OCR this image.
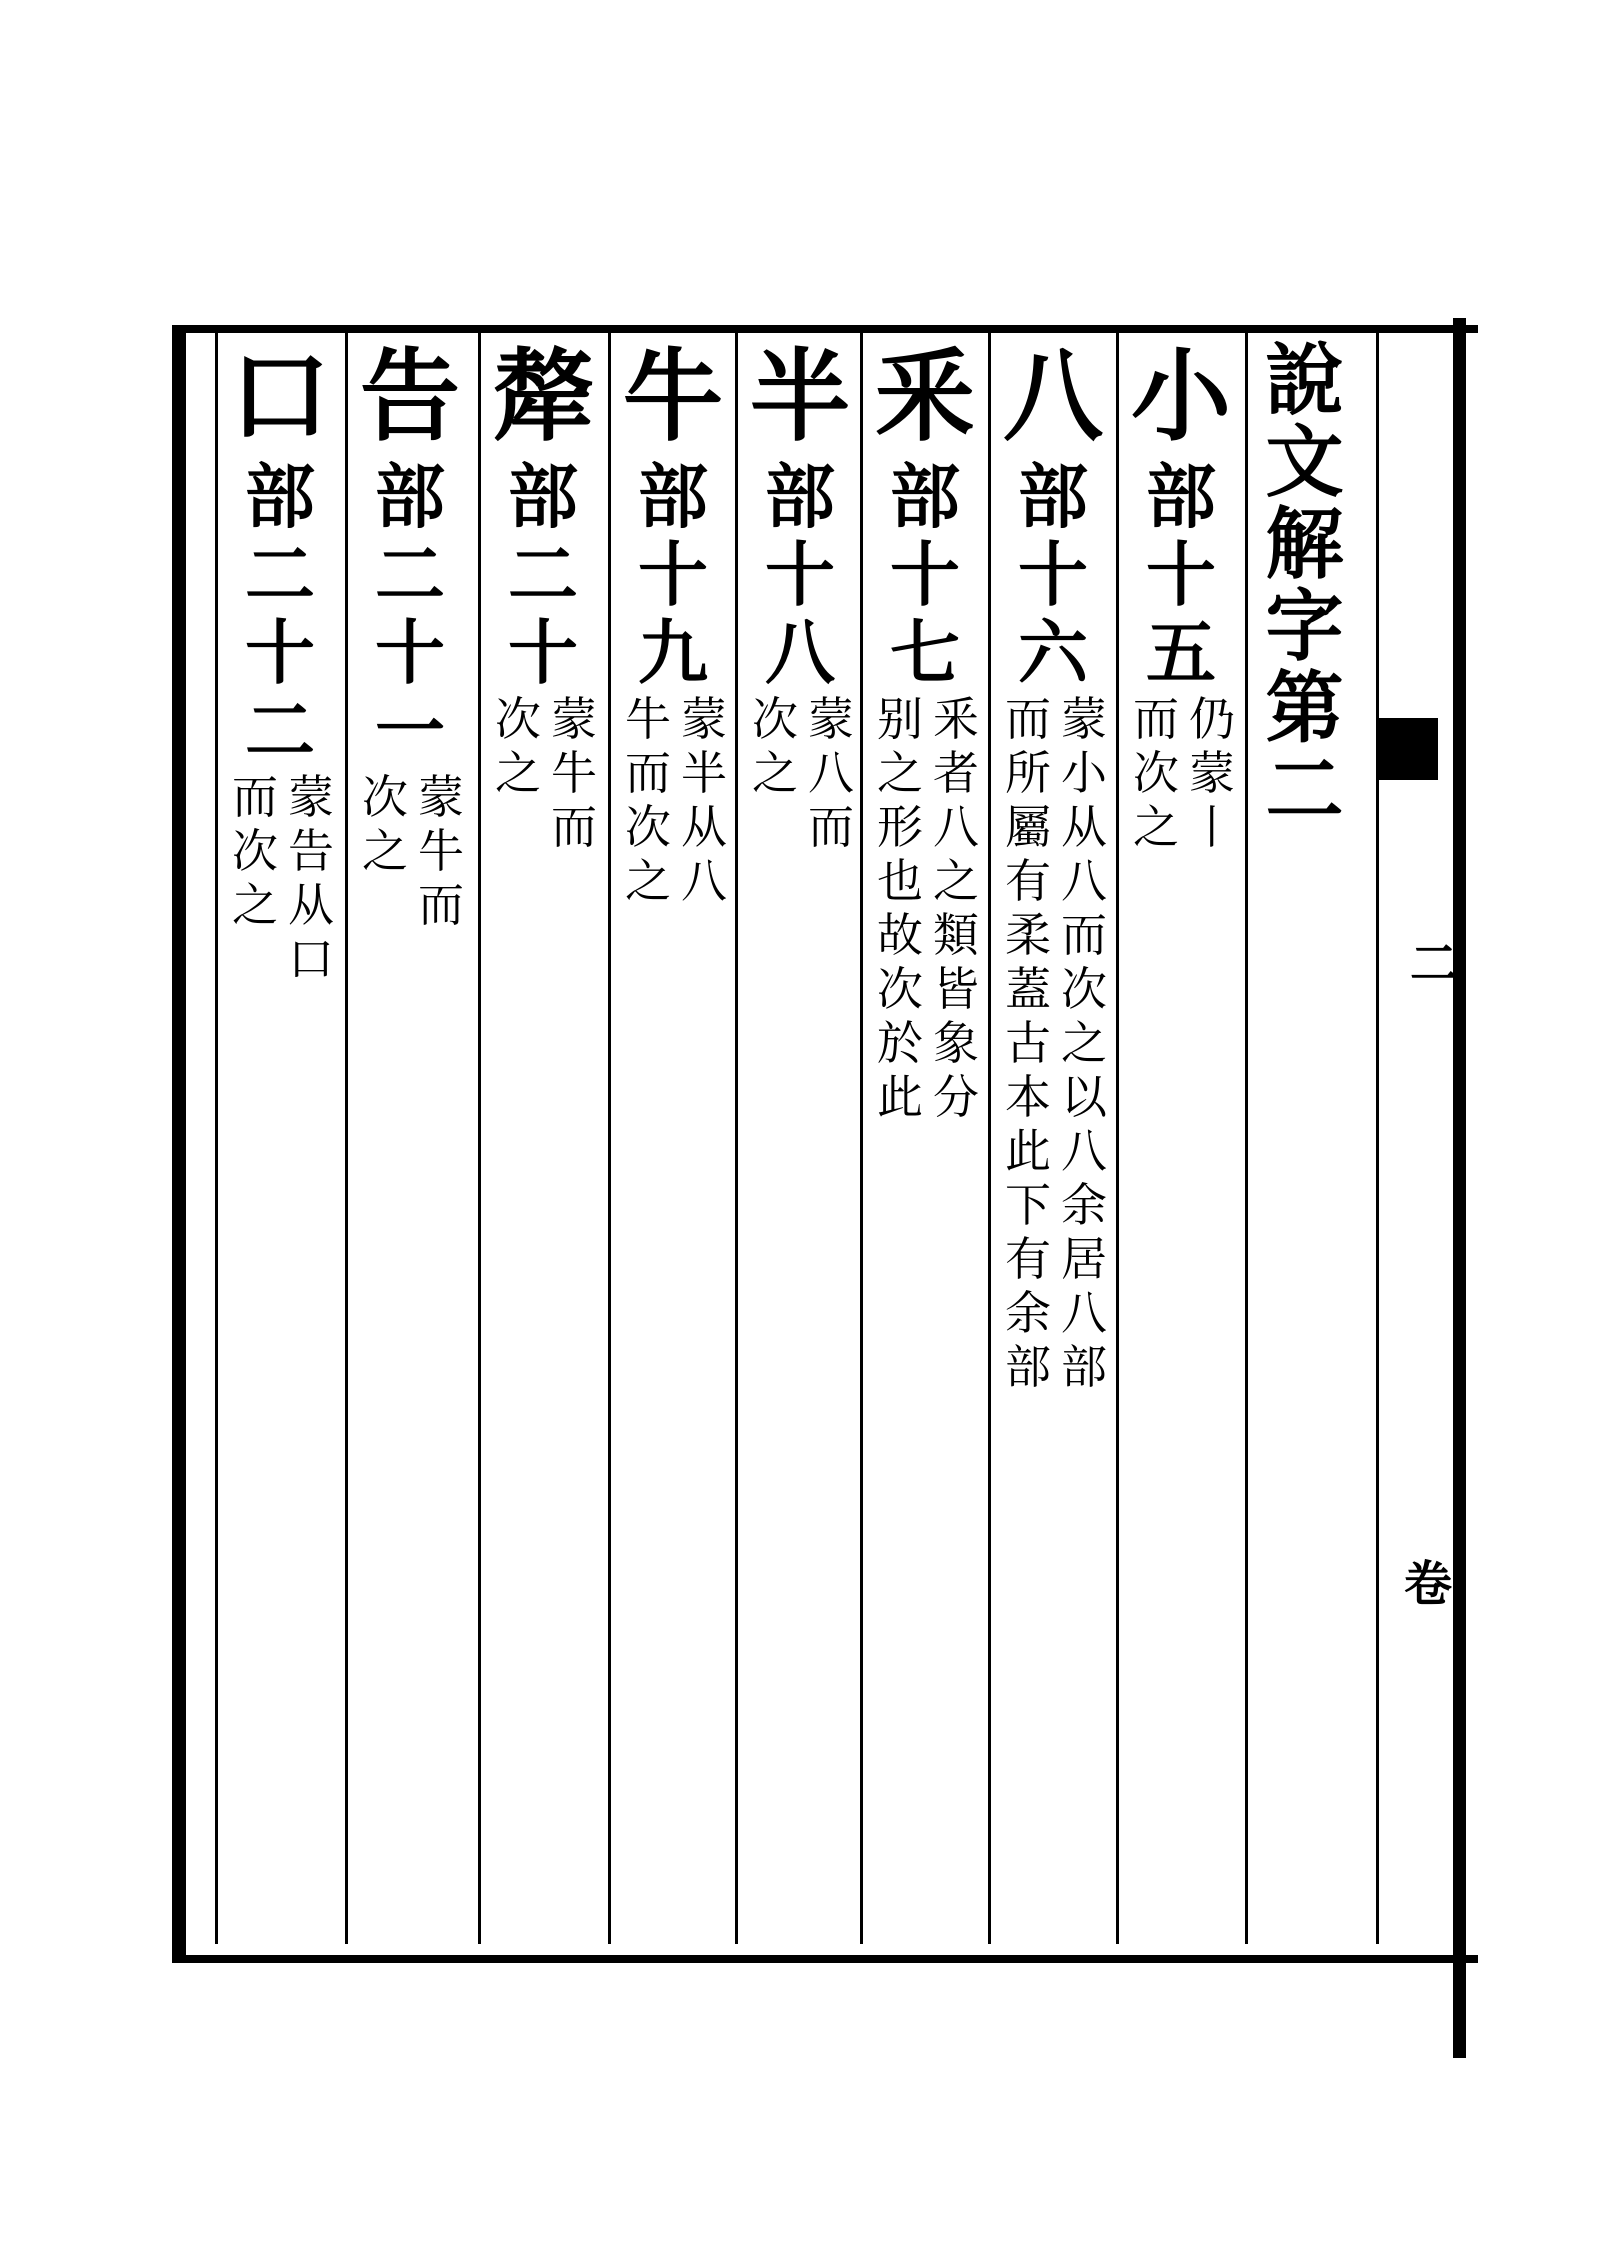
說
文
解
字
第
二
小
部
十
五
仍
蒙
丨
而
次
之
八
部
十
六
蒙
小
从
八
而
次
之
以
八
余
居
八
部
而
所
屬
有
柔
蓋
古
本
此
下
有
余
部
釆
部
十
七
釆
者
八
之
類
皆
象
分
别
之
形
也
故
次
於
此
半
部
十
八
蒙
八
而
次
之
牛
部
十
九
蒙
半
从
八
牛
而
次
之
犛
部
二
十
蒙
牛
而
次
之
告
部
二
十
一
蒙
牛
而
次
之
口
部
二
十
二
蒙
告
从
口
而
次
之
二
卷
